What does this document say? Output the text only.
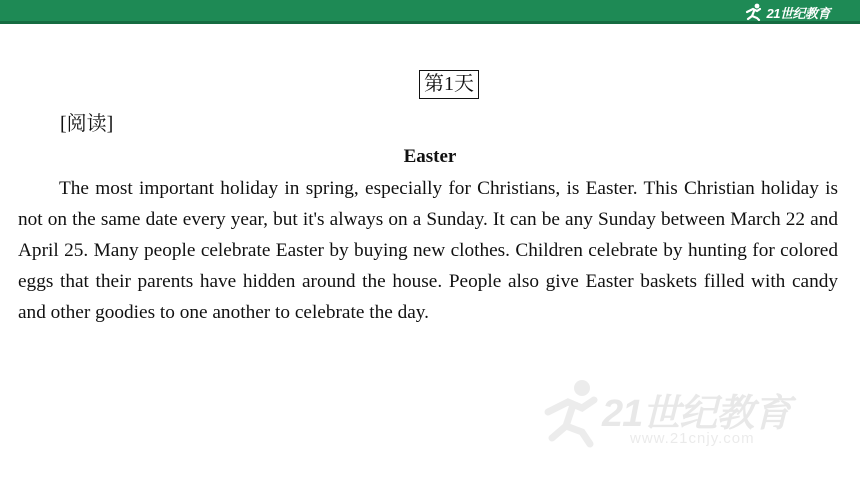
21世纪教育
第1天
[阅读]
Easter

The most important holiday in spring, especially for Christians, is Easter. This Christian holiday is not on the same date every year, but it's always on a Sunday. It can be any Sunday between March 22 and April 25. Many people celebrate Easter by buying new clothes. Children celebrate by hunting for colored eggs that their parents have hidden around the house. People also give Easter baskets filled with candy and other goodies to one another to celebrate the day.

21世纪教育
www.21cnjy.com
